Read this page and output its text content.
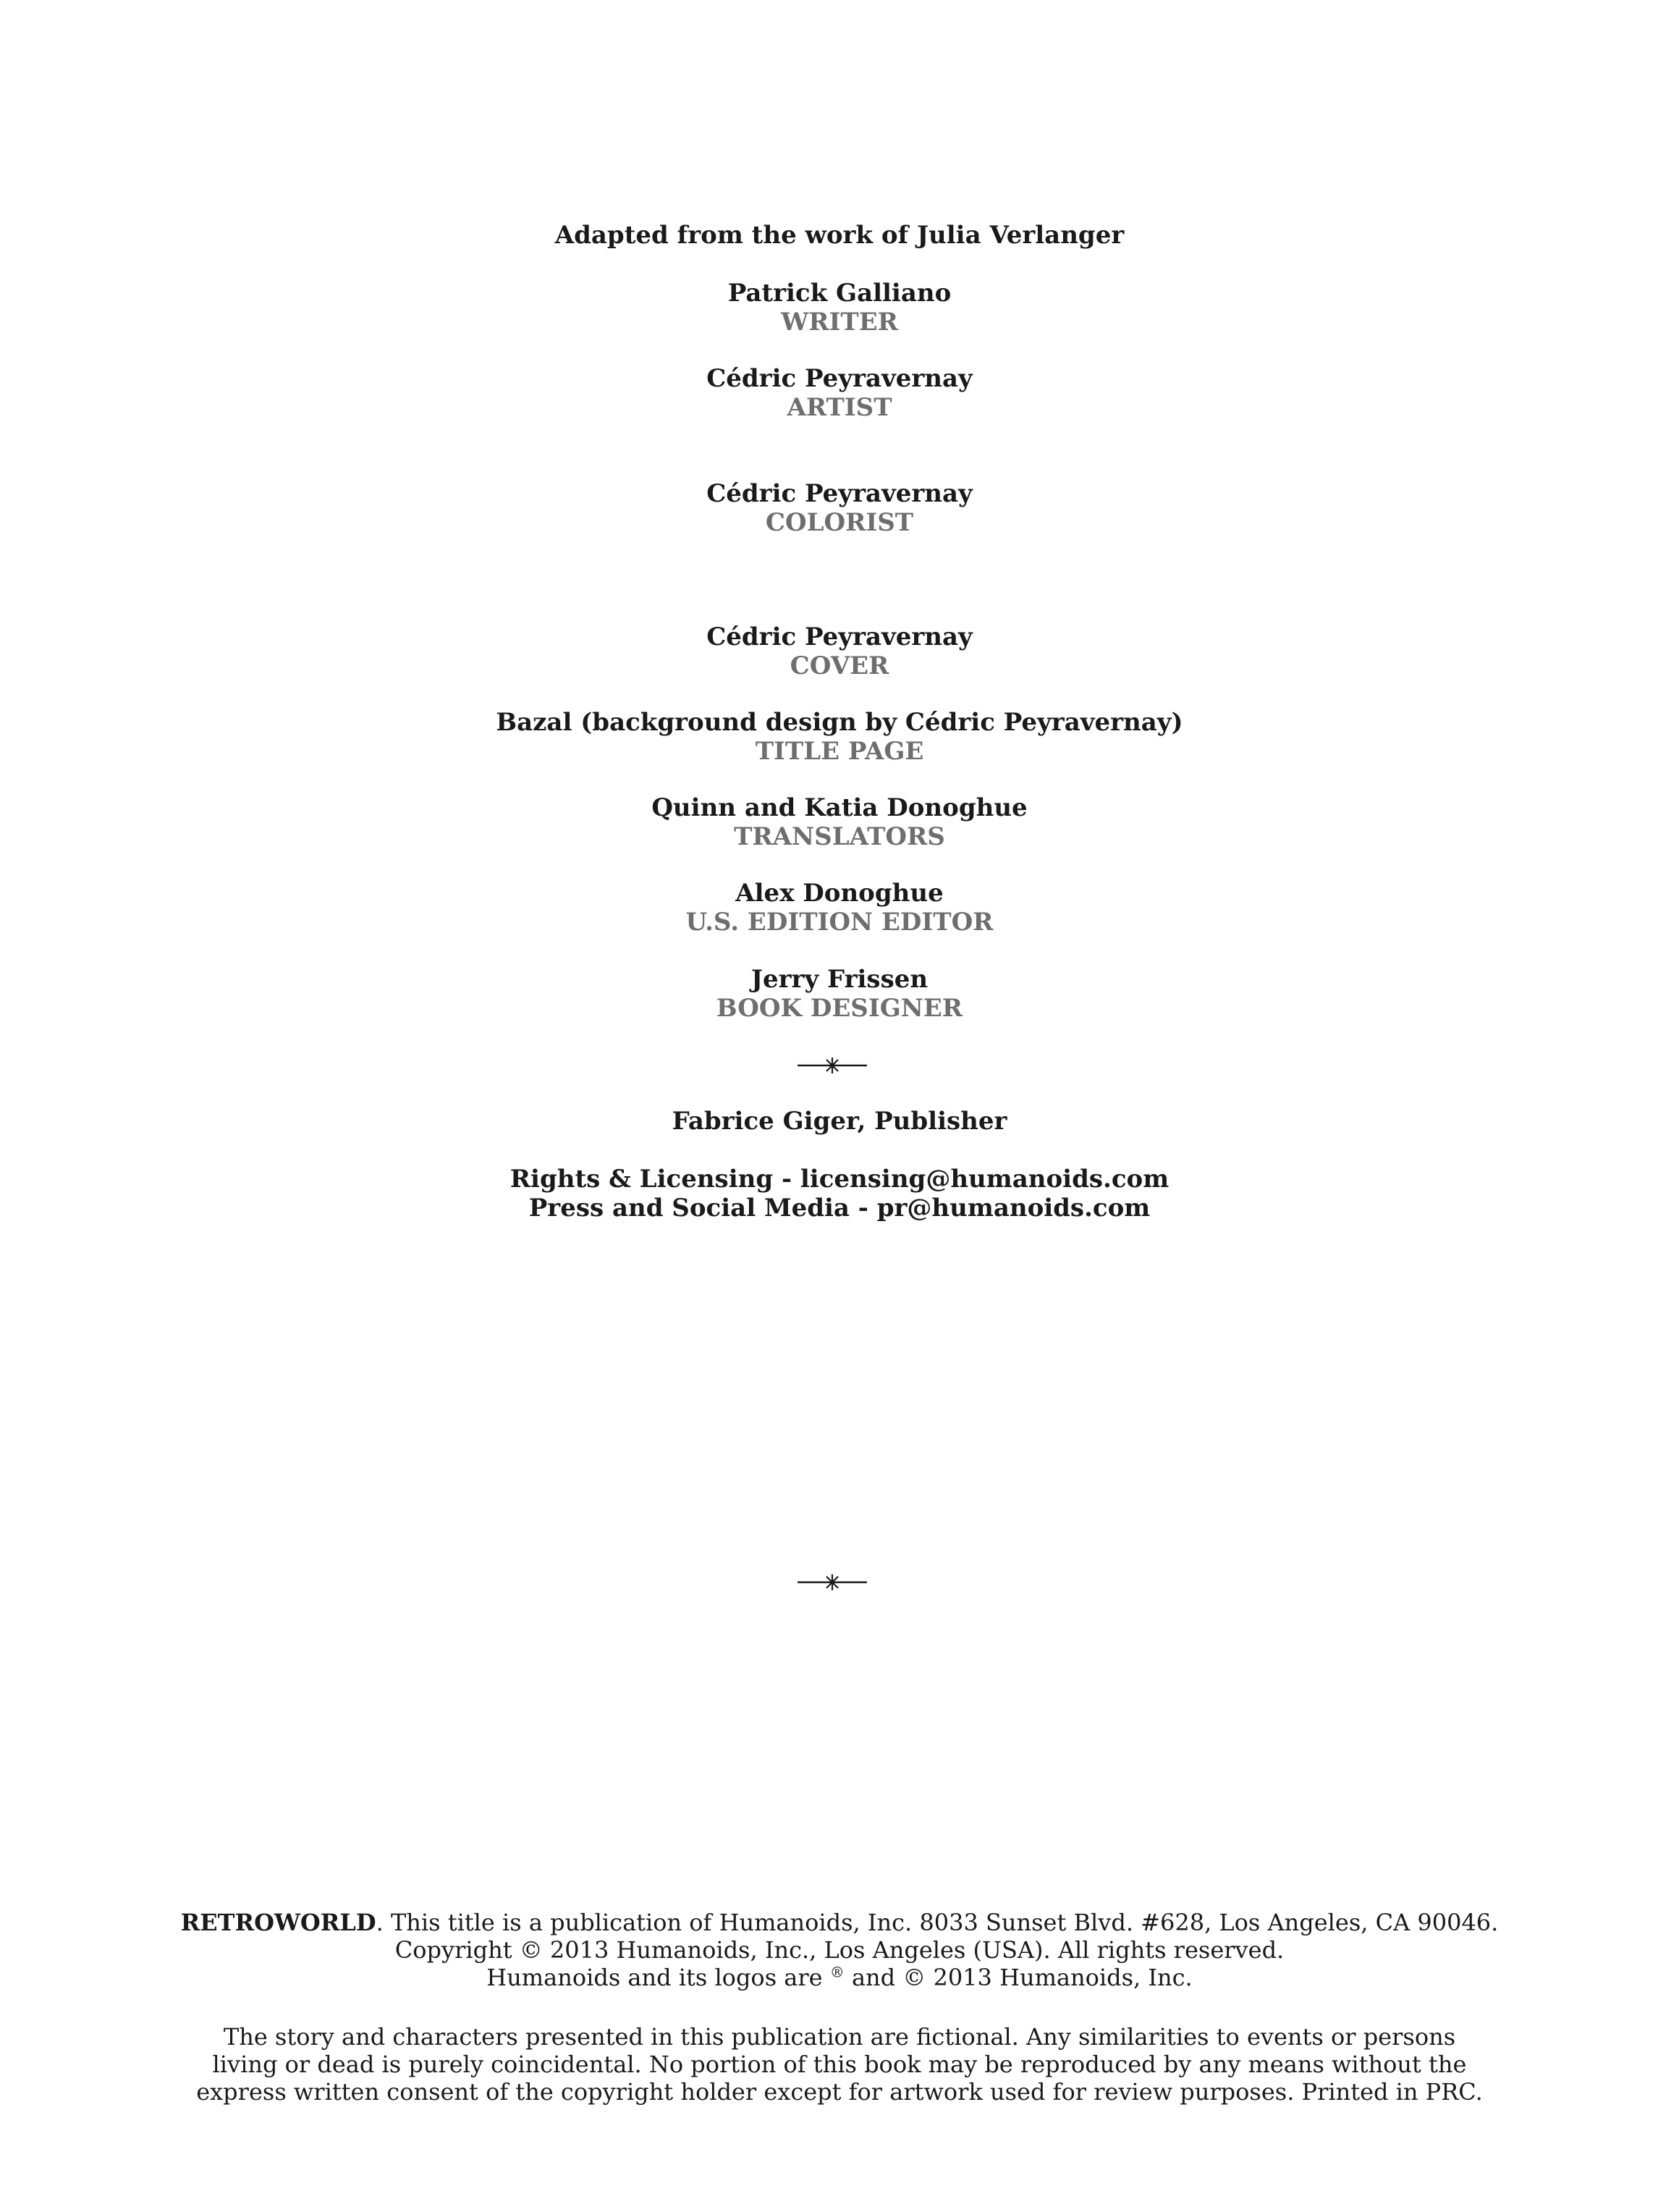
Adapted from the work of Julia Verlanger
Patrick Galliano
WRITER
Cédric Peyravernay
ARTIST
Cédric Peyravernay
COLORIST
Cédric Peyravernay
COVER
Bazal (background design by Cédric Peyravernay)
TITLE PAGE
Quinn and Katia Donoghue
TRANSLATORS
Alex Donoghue
U.S. EDITION EDITOR
Jerry Frissen
BOOK DESIGNER
Fabrice Giger, Publisher
Rights & Licensing - licensing@humanoids.com
Press and Social Media - pr@humanoids.com
RETROWORLD. This title is a publication of Humanoids, Inc. 8033 Sunset Blvd. #628, Los Angeles, CA 90046.
Copyright © 2013 Humanoids, Inc., Los Angeles (USA). All rights reserved.
Humanoids and its logos are ® and © 2013 Humanoids, Inc.
The story and characters presented in this publication are fictional. Any similarities to events or persons
living or dead is purely coincidental. No portion of this book may be reproduced by any means without the
express written consent of the copyright holder except for artwork used for review purposes. Printed in PRC.
